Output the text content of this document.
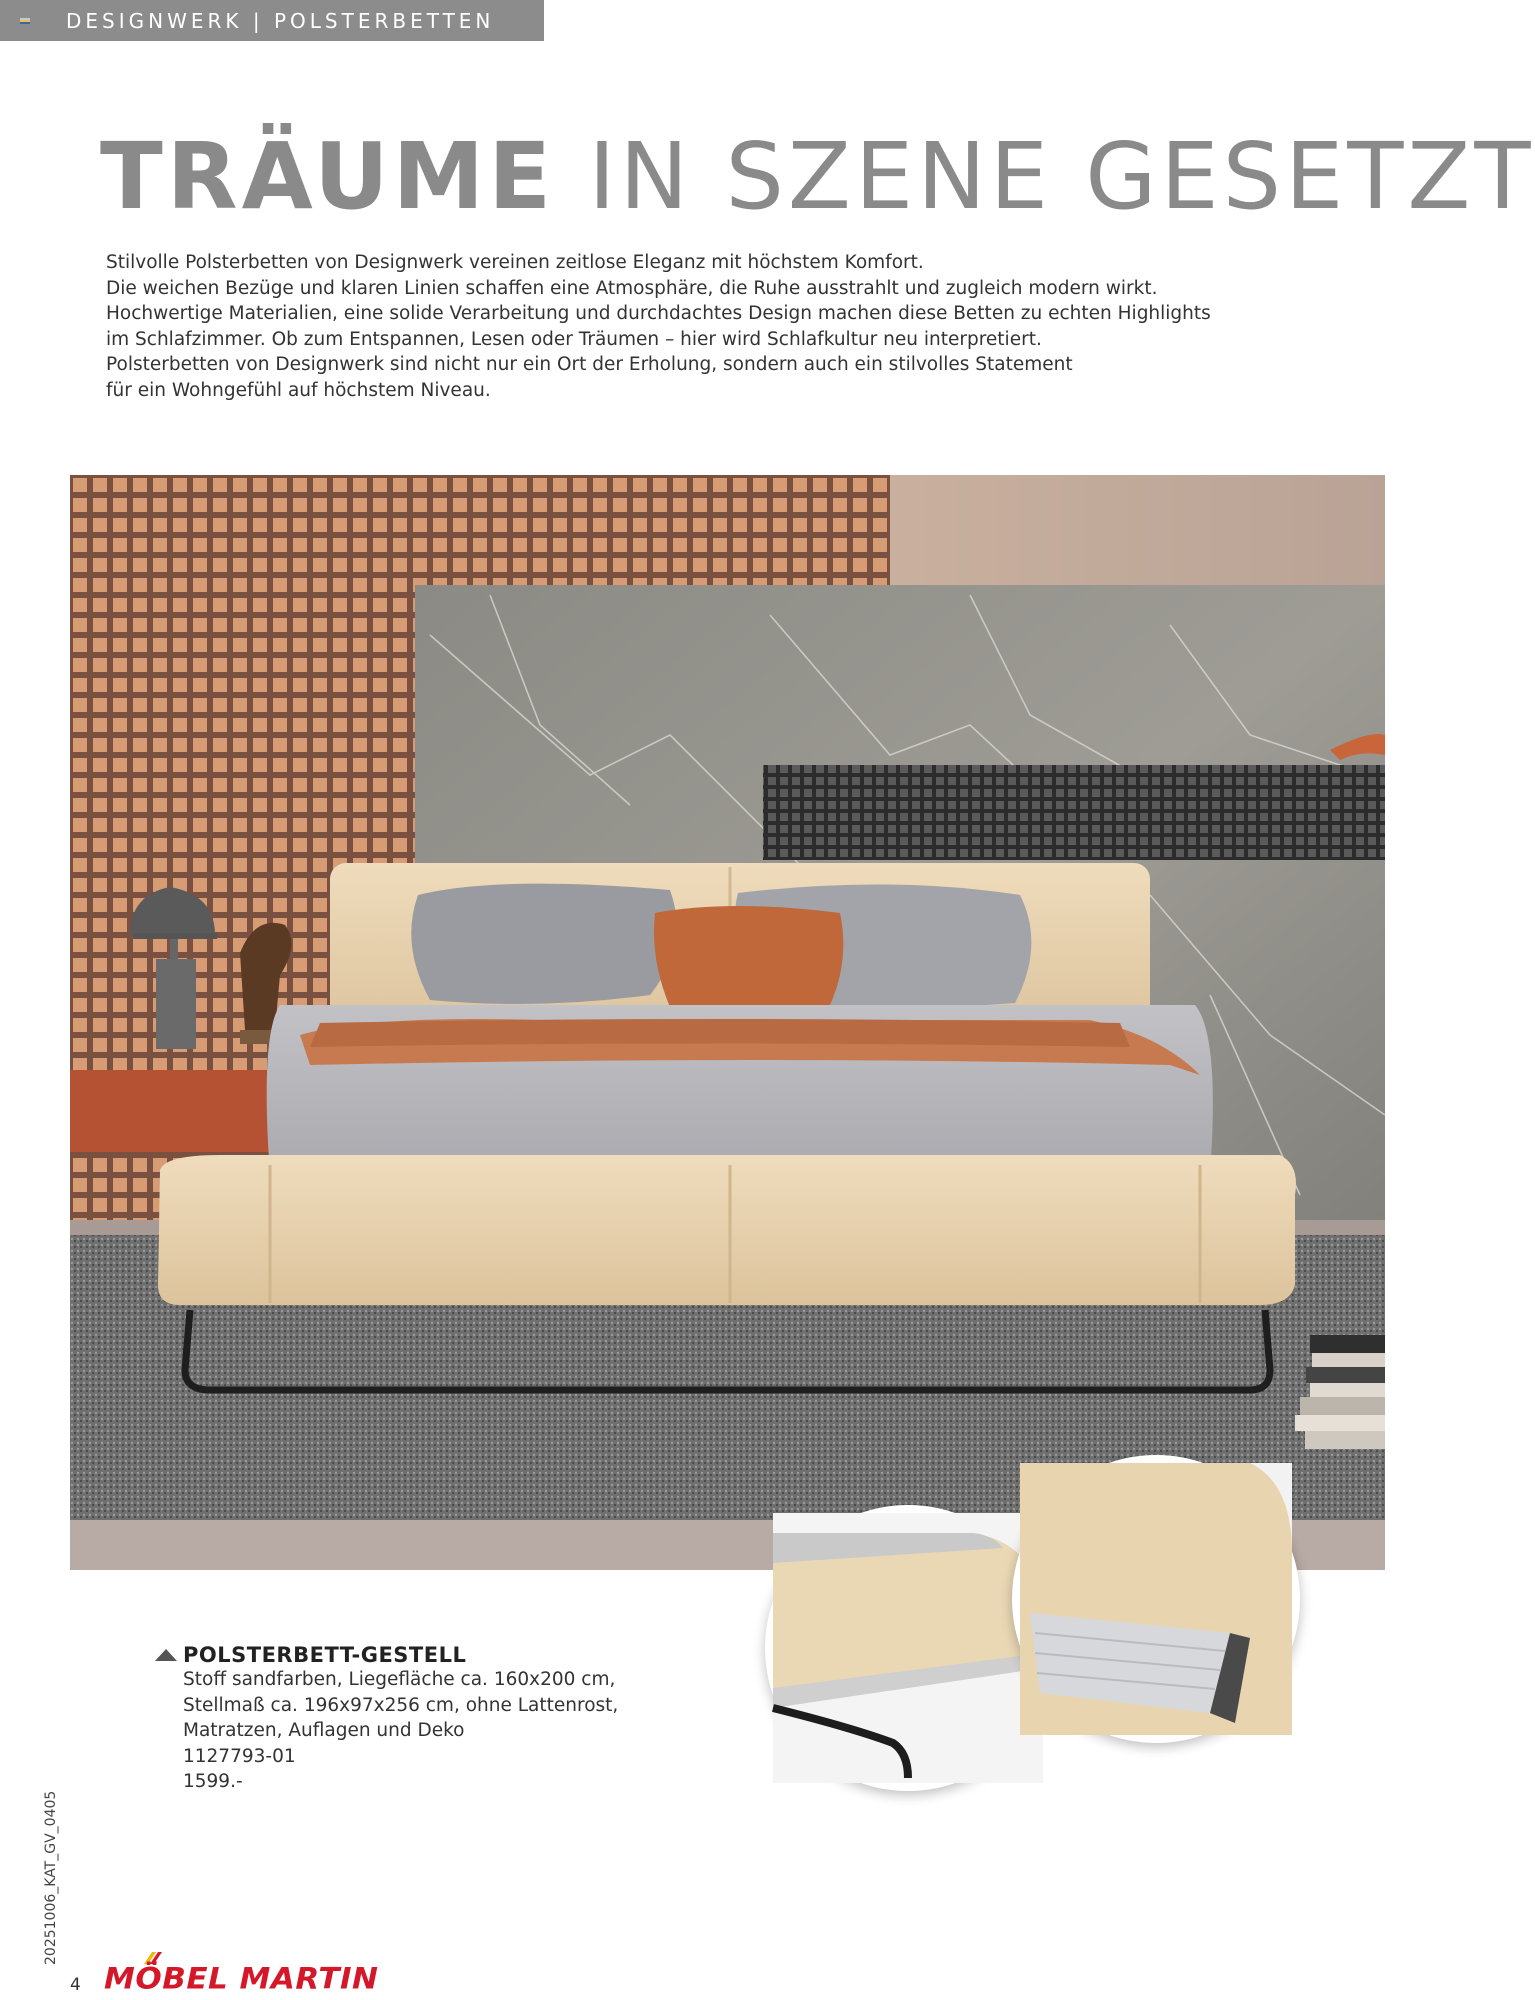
DESIGNWERK | POLSTERBETTEN
TRÄUME IN SZENE GESETZT

Stilvolle Polsterbetten von Designwerk vereinen zeitlose Eleganz mit höchstem Komfort.

Die weichen Bezüge und klaren Linien schaffen eine Atmosphäre, die Ruhe ausstrahlt und zugleich modern wirkt.

Hochwertige Materialien, eine solide Verarbeitung und durchdachtes Design machen diese Betten zu echten Highlights

im Schlafzimmer. Ob zum Entspannen, Lesen oder Träumen – hier wird Schlafkultur neu interpretiert.

Polsterbetten von Designwerk sind nicht nur ein Ort der Erholung, sondern auch ein stilvolles Statement

für ein Wohngefühl auf höchstem Niveau.

POLSTERBETT-GESTELL
Stoff sandfarben, Liegefläche ca. 160x200 cm,
Stellmaß ca. 196x97x256 cm, ohne Lattenrost,
Matratzen, Auflagen und Deko
1127793-01
1599.-
20251006_KAT_GV_0405
4 MÖBEL MARTIN
